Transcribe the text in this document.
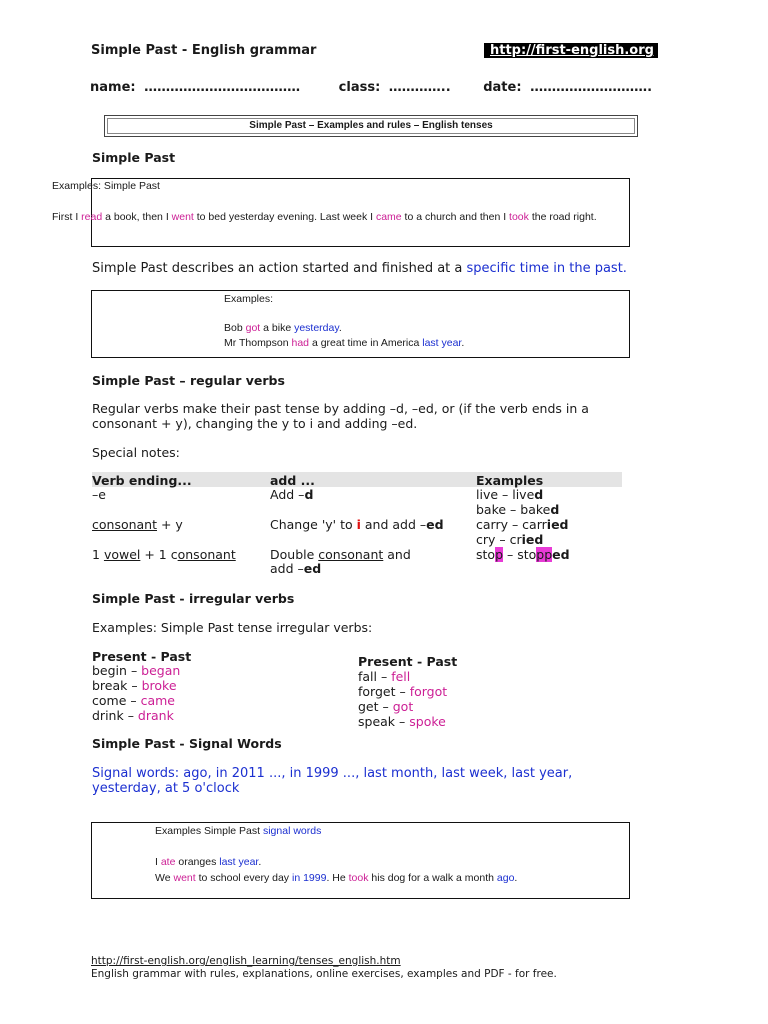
Simple Past - English grammar	http://first-english.org
name: ………………………………	class: …………..	date: ……………………….
Simple Past – Examples and rules – English tenses
Simple Past
Examples: Simple Past
First I read a book, then I went to bed yesterday evening. Last week I came to a church and then I took the road right.
Simple Past describes an action started and finished at a specific time in the past.
Examples:
Bob got a bike yesterday.
Mr Thompson had a great time in America last year.
Simple Past – regular verbs
Regular verbs make their past tense by adding –d, –ed, or (if the verb ends in a
consonant + y), changing the y to i and adding –ed.
Special notes:
Verb ending...	add ...	Examples
–e	Add –d	live – lived
bake – baked
consonant + y	Change 'y' to i and add –ed	carry – carried
cry – cried
1 vowel + 1 consonant	Double consonant and
add –ed
stop – stopped
Simple Past - irregular verbs
Examples: Simple Past tense irregular verbs:
Present - Past
begin – began
break – broke
come – came
drink – drank
Present - Past
fall – fell
forget – forgot
get – got
speak – spoke
Simple Past - Signal Words
Signal words: ago, in 2011 ..., in 1999 ..., last month, last week, last year,
yesterday, at 5 o'clock
Examples Simple Past signal words
I ate oranges last year.
We went to school every day in 1999. He took his dog for a walk a month ago.
http://first-english.org/english_learning/tenses_english.htm
English grammar with rules, explanations, online exercises, examples and PDF - for free.
